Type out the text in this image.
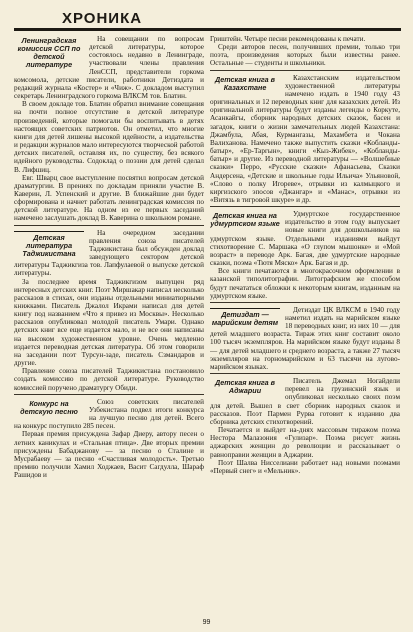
ХРОНИКА
Ленинградская комиссия ССП по детской литературе

На совещании по вопросам детской литературы, которое состоялось недавно в Ленинграде, участвовали члены правления ЛенССП, представители горкома комсомола, детские писатели, работники Детиздата и редакций журнала «Костер» и «Чиж». С докладом выступил секретарь Ленинградского горкома ВЛКСМ тов. Блатин.

В своем докладе тов. Блатин обратил внимание совещания на почти полное отсутствие в детской литературе произведений, которые помогали бы воспитывать в детях настоящих советских патриотов. Он отметил, что многие книги для детей лишены высокой идейности, а издательства и редакции журналов мало интересуются творческой работой детских писателей, оставляя их, по существу, без всякого идейного руководства. Содоклад о поэзии для детей сделал В. Лифшиц.

Евг. Шварц свое выступление посвятил вопросам детской драматургии. В прениях по докладам приняли участие В. Каверин, Л. Успенский и другие. В ближайшие дни будет сформирована и начнет работать ленинградская комиссия по детской литературе. На одном из ее первых заседаний намечено заслушать доклад В. Каверина о школьном романе.

Детская литература Таджикистана

На очередном заседании правления союза писателей Таджикистана был обсужден доклад заведующего сектором детской литературы Таджикгиза тов. Лапфулаевой о выпуске детской литературы.

За последнее время Таджикгизом выпущен ряд интересных детских книг. Поэт Миршакар написал несколько рассказов в стихах, они изданы отдельными миниатюрными книжками. Писатель Джалол Икрами написал для детей книгу под названием «Что я привез из Москвы». Несколько рассказов опубликовал молодой писатель Умари. Однако детских книг все еще издается мало, и не все они написаны на высоком художественном уровне. Очень медленно издается переводная детская литература. Об этом говорили на заседании поэт Турсун-заде, писатель Сзмандаров и другие.

Правление союза писателей Таджикистана постановило создать комиссию по детской литературе. Руководство комиссией поручено драматургу Обиди.

Конкурс на детскую песню

Союз советских писателей Узбекистана подвел итоги конкурса на лучшую песню для детей. Всего на конкурс поступило 285 песен.

Первая премия присуждена Зафар Диеру, автору песен о летних каникулах и «Стальная птица». Две вторых премии присуждены Бабаджанову — за песню о Сталине и Мусрабаеву — за песню «Счастливая молодость». Третью премию получили Хамил Ходжаев, Васит Сагдулла, Шараф Рашидов и

Гриштейн. Четыре песни рекомендованы к печати.

Среди авторов песен, получивших премии, только три поэта, произведения которых были известны ранее. Остальные — студенты и школьники.

Детская книга в Казахстане

Казахстанским издательством художественной литературы намечено издать в 1940 году 43 оригинальных и 12 переводных книг для казахских детей. Из оригинальной литературы будут изданы легенды о Коркуте, Асанкайгы, сборник народных детских сказок, басен и загадок, книги о жизни замечательных людей Казахстана: Джамбула, Абая, Курмангазы, Махамбета и Чокана Валиханова. Намечено также выпустить сказки «Кобланды-батыр», «Ер-Таргын», книги «Кыз-Жибек», «Кобланды-батыр» и другие. Из переводной литературы — «Волшебные сказки» Перро, «Русские сказки» Афанасьева, Сказки Андерсена, «Детские и школьные годы Ильича» Ульяновой, «Слово о полку Игореве», отрывки из калмыцкого и киргизского эпосов «Джангар» и «Манас», отрывки из «Витязь в тигровой шкуре» и др.

Детская книга на удмуртском языке

Удмуртское государственное издательство в этом году выпускает новые книги для дошкольников на удмуртском языке. Отдельными изданиями выйдут стихотворение С. Маршака «О глупом мышонке» и «Мой возраст» в переводе Арк. Багая, две удмуртские народные сказки, поэма «Тютя Мяско» Арк. Багая и др.

Все книги печатаются в многокрасочном оформлении в казанской типолитографии. Литографским же способом будут печататься обложки к некоторым книгам, изданным на удмуртском языке.

Детиздат — марийским детям

Детиздат ЦК ВЛКСМ в 1940 году наметил издать на марийском языке 18 переводных книг, из них 10 — для детей младшего возраста. Тираж этих книг составит около 100 тысяч экземпляров. На марийском языке будут изданы 8 — для детей младшего и среднего возраста, а также 27 тысяч экземпляров на горномарийском и 63 тысячи на лугово-марийском языках.

Детская книга в Аджарии

Писатель Джемал Ногайдели перевел на грузинский язык и опубликовал несколько своих поэм для детей. Вышел в свет сборник народных сказок и рассказов. Поэт Пармен Рурва готовит к изданию два сборника детских стихотворений.

Печатается и выйдет на-днях массовым тиражом поэма Нестора Малазония «Гулизар». Поэма рисует жизнь аджарских женщин до революции и рассказывает о равноправии женщин в Аджарии.

Поэт Шалва Нисселиани работает над новыми поэмами «Первый снег» и «Мельник».

99
